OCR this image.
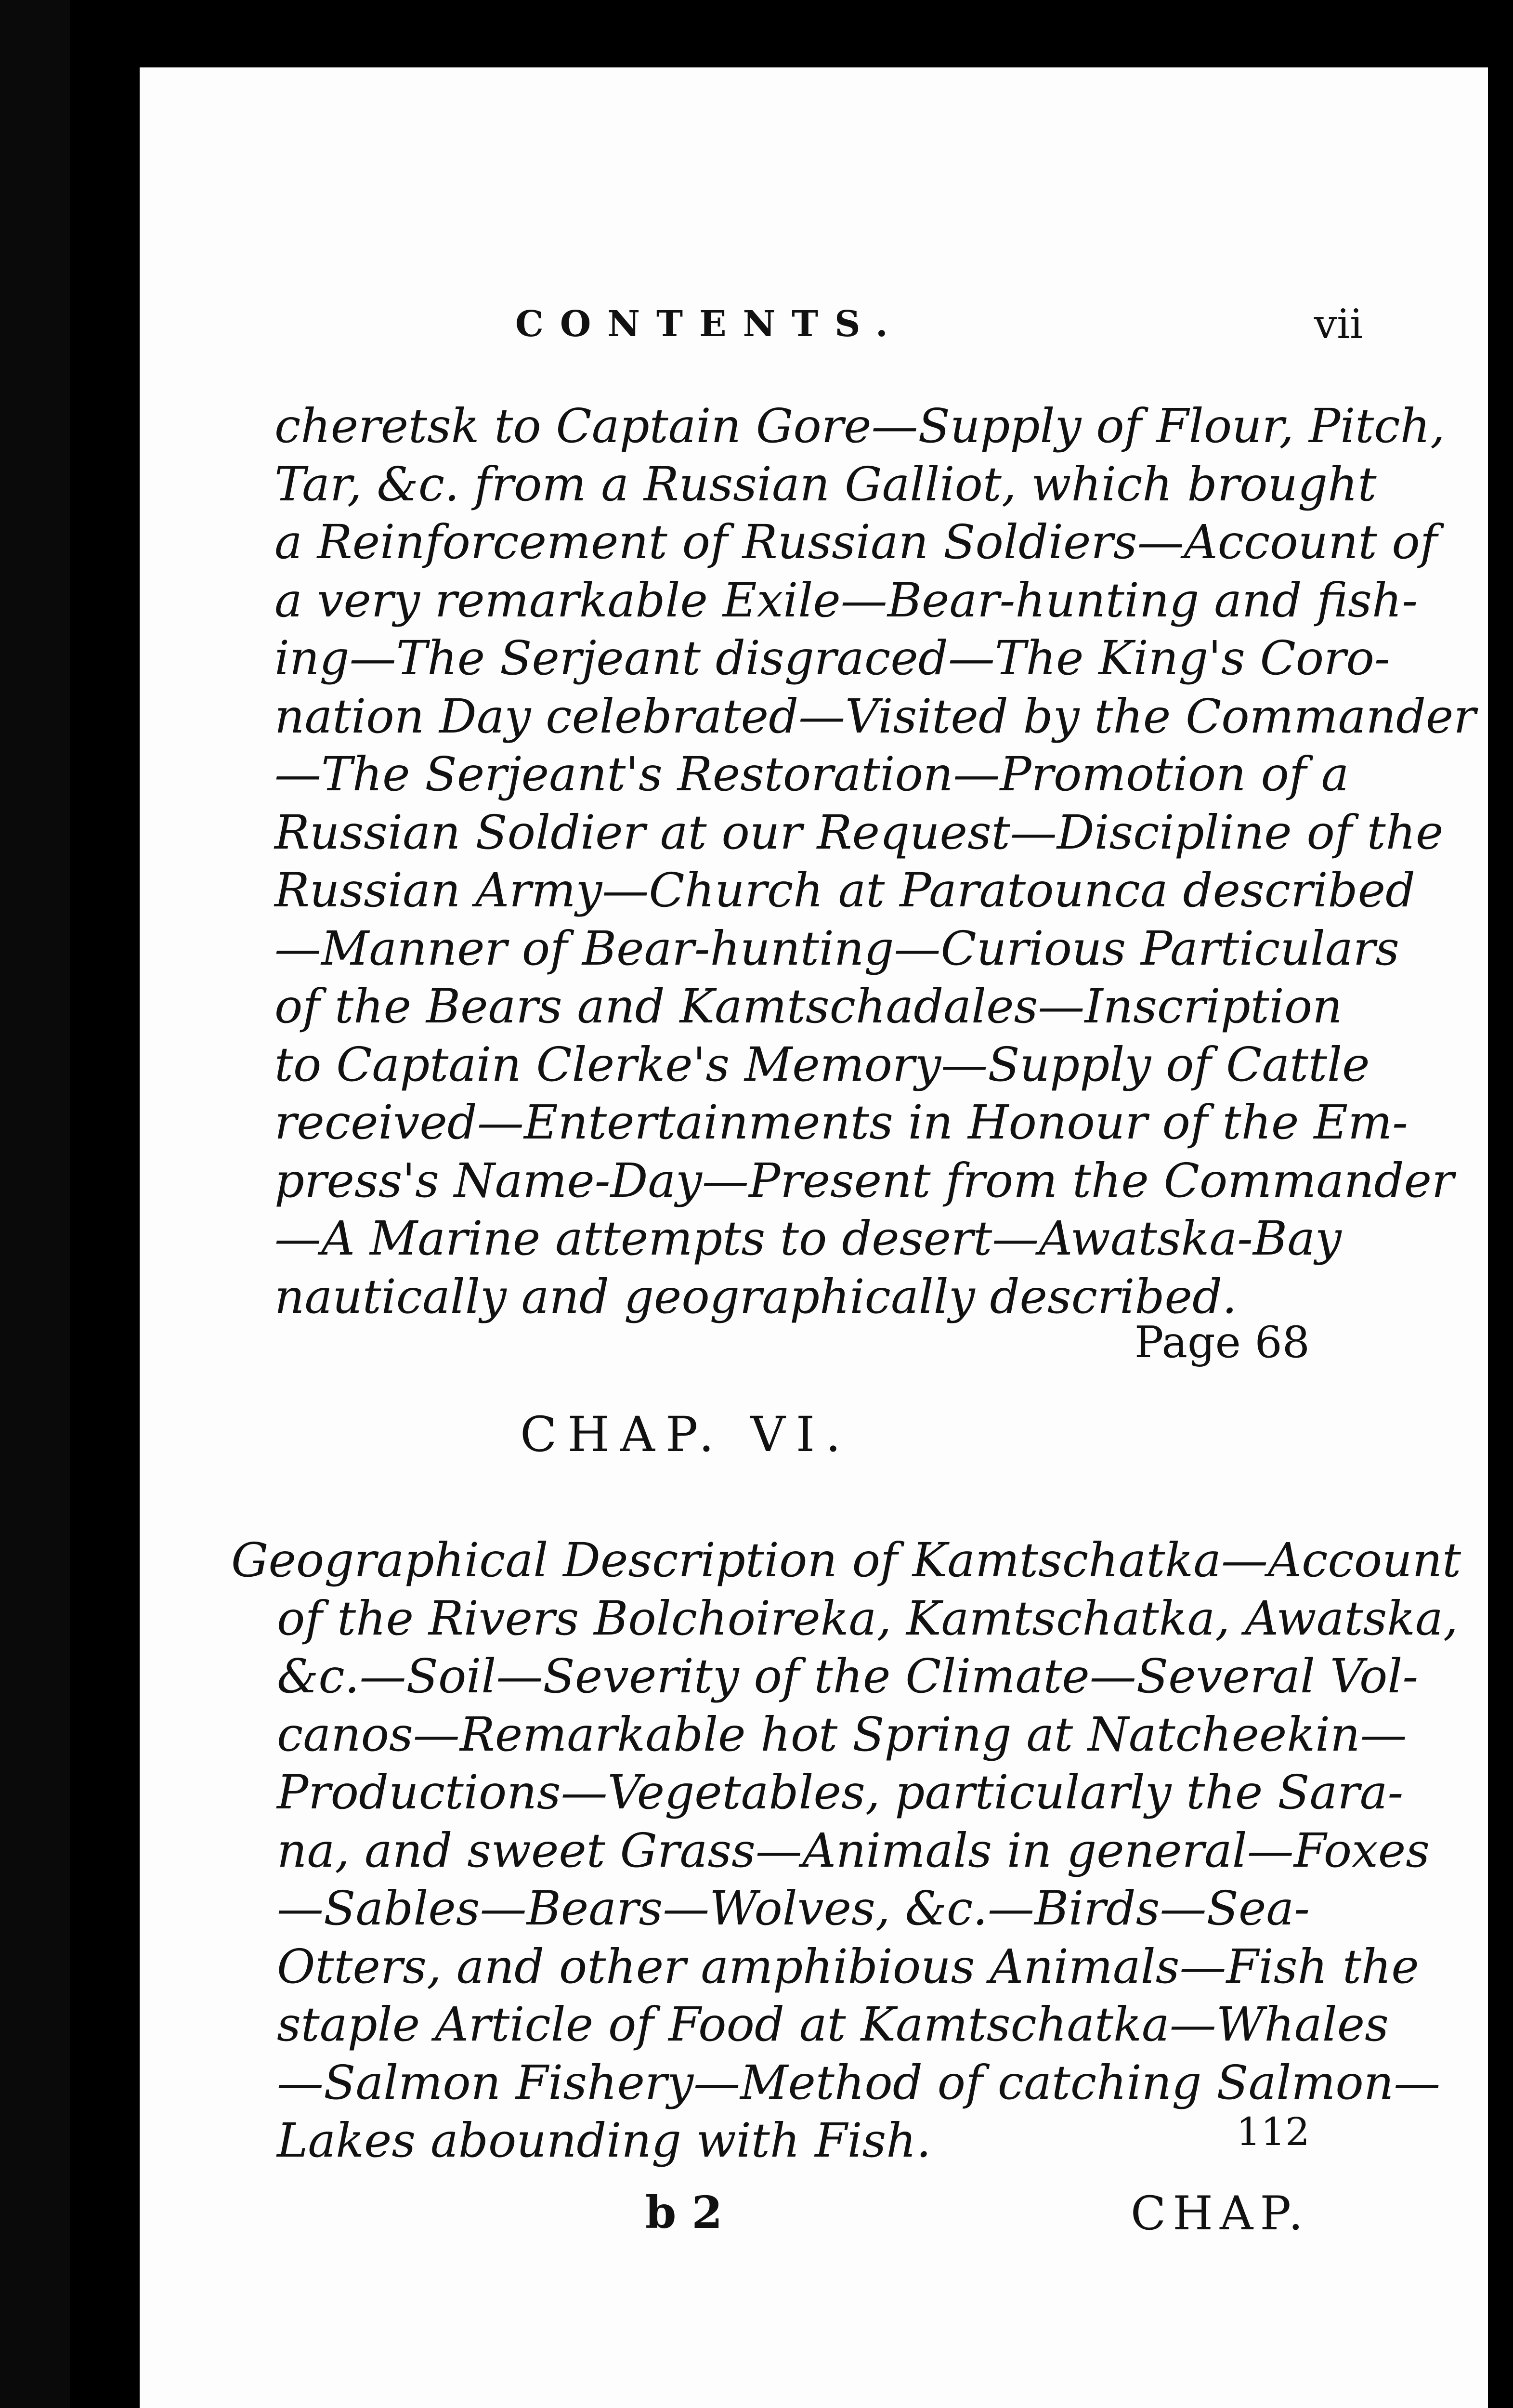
CONTENTS.	vii
cheretsk to Captain Gore—Supply of Flour, Pitch,
Tar, &c. from a Russian Galliot, which brought
a Reinforcement of Russian Soldiers—Account of
a very remarkable Exile—Bear-hunting and fish-
ing—The Serjeant disgraced—The King's Coro-
nation Day celebrated—Visited by the Commander
—The Serjeant's Restoration—Promotion of a
Russian Soldier at our Request—Discipline of the
Russian Army—Church at Paratounca described
—Manner of Bear-hunting—Curious Particulars
of the Bears and Kamtschadales—Inscription
to Captain Clerke's Memory—Supply of Cattle
received—Entertainments in Honour of the Em-
press's Name-Day—Present from the Commander
—A Marine attempts to desert—Awatska-Bay
nautically and geographically described.
Page 68
CHAP. VI.
Geographical Description of Kamtschatka—Account
of the Rivers Bolchoireka, Kamtschatka, Awatska,
&c.—Soil—Severity of the Climate—Several Vol-
canos—Remarkable hot Spring at Natcheekin—
Productions—Vegetables, particularly the Sara-
na, and sweet Grass—Animals in general—Foxes
—Sables—Bears—Wolves, &c.—Birds—Sea-
Otters, and other amphibious Animals—Fish the
staple Article of Food at Kamtschatka—Whales
—Salmon Fishery—Method of catching Salmon—
Lakes abounding with Fish.	112
b 2	CHAP.
